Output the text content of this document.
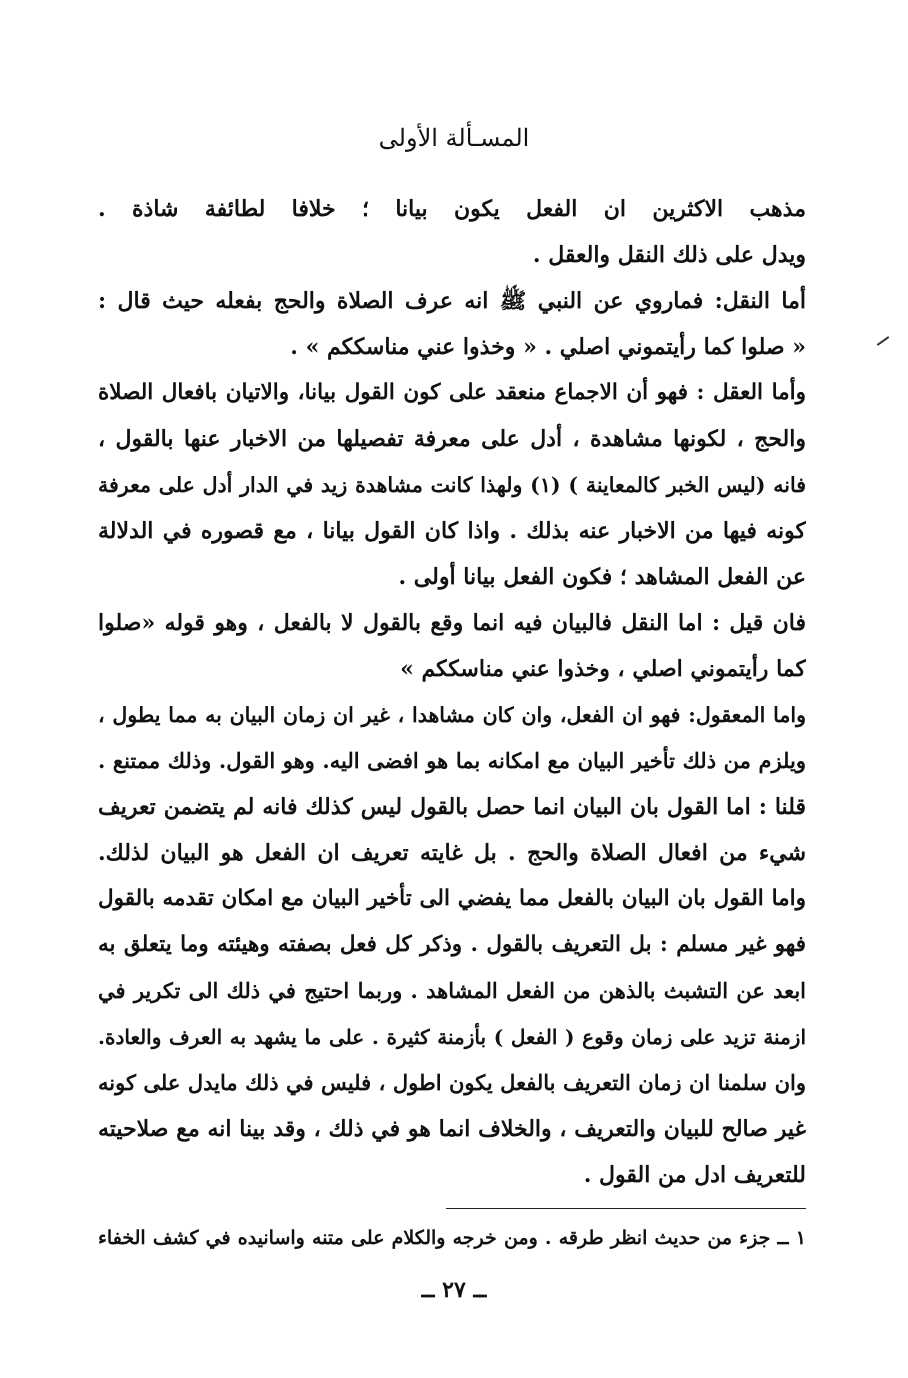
المسـألة الأولى
مذهب الاكثرين ان الفعل يكون بيانا ؛ خلافا لطائفة شاذة .
ويدل على ذلك النقل والعقل .
أما النقل: فماروي عن النبي ﷺ انه عرف الصلاة والحج بفعله حيث قال :
« صلوا كما رأيتموني اصلي . « وخذوا عني مناسككم » .
وأما العقل : فهو أن الاجماع منعقد على كون القول بيانا، والاتيان بافعال الصلاة
والحج ، لكونها مشاهدة ، أدل على معرفة تفصيلها من الاخبار عنها بالقول ،
فانه (ليس الخبر كالمعاينة ) (١) ولهذا كانت مشاهدة زيد في الدار أدل على معرفة
كونه فيها من الاخبار عنه بذلك . واذا كان القول بيانا ، مع قصوره في الدلالة
عن الفعل المشاهد ؛ فكون الفعل بيانا أولى .
فان قيل : اما النقل فالبيان فيه انما وقع بالقول لا بالفعل ، وهو قوله «صلوا
كما رأيتموني اصلي ، وخذوا عني مناسككم »
واما المعقول: فهو ان الفعل، وان كان مشاهدا ، غير ان زمان البيان به مما يطول ،
ويلزم من ذلك تأخير البيان مع امكانه بما هو افضى اليه. وهو القول. وذلك ممتنع .
قلنا : اما القول بان البيان انما حصل بالقول ليس كذلك فانه لم يتضمن تعريف
شيء من افعال الصلاة والحج . بل غايته تعريف ان الفعل هو البيان لذلك.
واما القول بان البيان بالفعل مما يفضي الى تأخير البيان مع امكان تقدمه بالقول
فهو غير مسلم : بل التعريف بالقول . وذكر كل فعل بصفته وهيئته وما يتعلق به
ابعد عن التشبث بالذهن من الفعل المشاهد . وربما احتيج في ذلك الى تكرير في
ازمنة تزيد على زمان وقوع ( الفعل ) بأزمنة كثيرة . على ما يشهد به العرف والعادة.
وان سلمنا ان زمان التعريف بالفعل يكون اطول ، فليس في ذلك مايدل على كونه
غير صالح للبيان والتعريف ، والخلاف انما هو في ذلك ، وقد بينا انه مع صلاحيته
للتعريف ادل من القول .
١ ــ جزء من حديث انظر طرقه . ومن خرجه والكلام على متنه واسانيده في كشف الخفاء
ــ ٢٧ ــ
